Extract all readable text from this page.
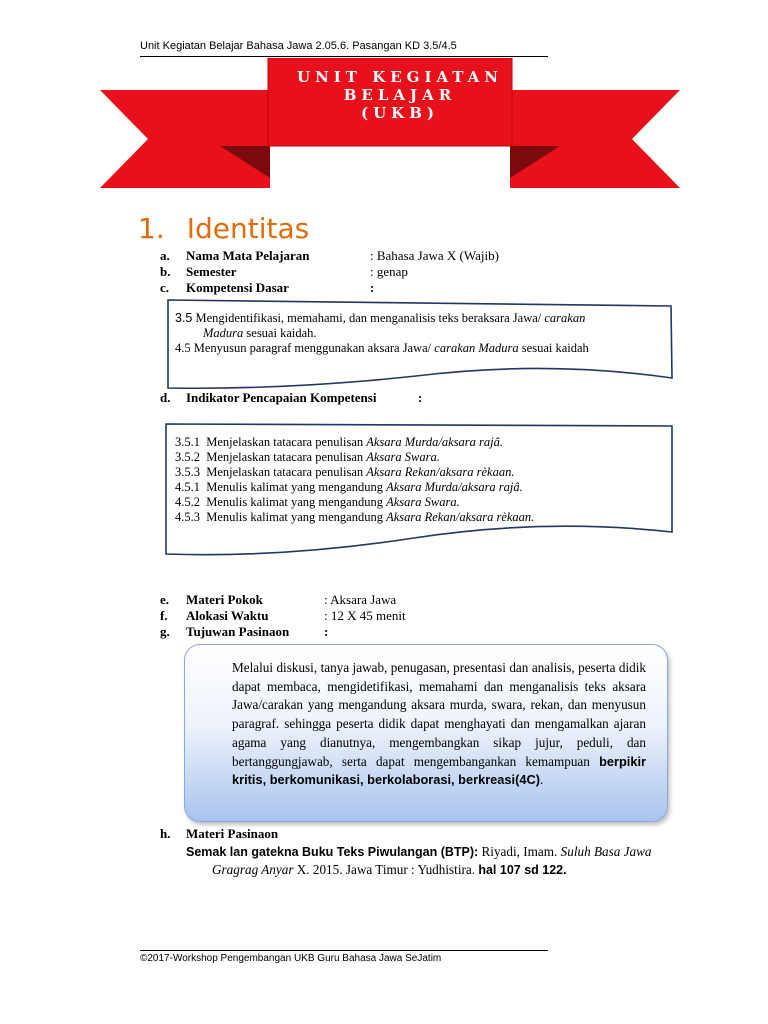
Unit Kegiatan Belajar Bahasa Jawa 2.05.6. Pasangan KD 3.5/4.5
UNIT KEGIATAN
BELAJAR
(UKB)
1. Identitas
a. Nama Mata Pelajaran	: Bahasa Jawa X (Wajib)
b. Semester	: genap
c. Kompetensi Dasar	:
3.5 Mengidentifikasi, memahami, dan menganalisis teks beraksara Jawa/ carakan
Madura sesuai kaidah.
4.5 Menyusun paragraf menggunakan aksara Jawa/ carakan Madura sesuai kaidah
d. Indikator Pencapaian Kompetensi	:
3.5.1 Menjelaskan tatacara penulisan Aksara Murda/aksara rajȃ.
3.5.2 Menjelaskan tatacara penulisan Aksara Swara.
3.5.3 Menjelaskan tatacara penulisan Aksara Rekan/aksara rèkaan.
4.5.1 Menulis kalimat yang mengandung Aksara Murda/aksara rajȃ.
4.5.2 Menulis kalimat yang mengandung Aksara Swara.
4.5.3 Menulis kalimat yang mengandung Aksara Rekan/aksara rèkaan.
e. Materi Pokok	: Aksara Jawa
f. Alokasi Waktu	: 12 X 45 menit
g. Tujuwan Pasinaon	:
Melalui diskusi, tanya jawab, penugasan, presentasi dan analisis, peserta didik dapat membaca, mengidetifikasi, memahami dan menganalisis teks aksara Jawa/carakan yang mengandung aksara murda, swara, rekan, dan menyusun paragraf. sehingga peserta didik dapat menghayati dan mengamalkan ajaran agama yang dianutnya, mengembangkan sikap jujur, peduli, dan bertanggungjawab, serta dapat mengembangankan kemampuan berpikir kritis, berkomunikasi, berkolaborasi, berkreasi(4C).
h. Materi Pasinaon
Semak lan gatekna Buku Teks Piwulangan (BTP): Riyadi, Imam. Suluh Basa Jawa
Gragrag Anyar X. 2015. Jawa Timur : Yudhistira. hal 107 sd 122.
©2017-Workshop Pengembangan UKB Guru Bahasa Jawa SeJatim
